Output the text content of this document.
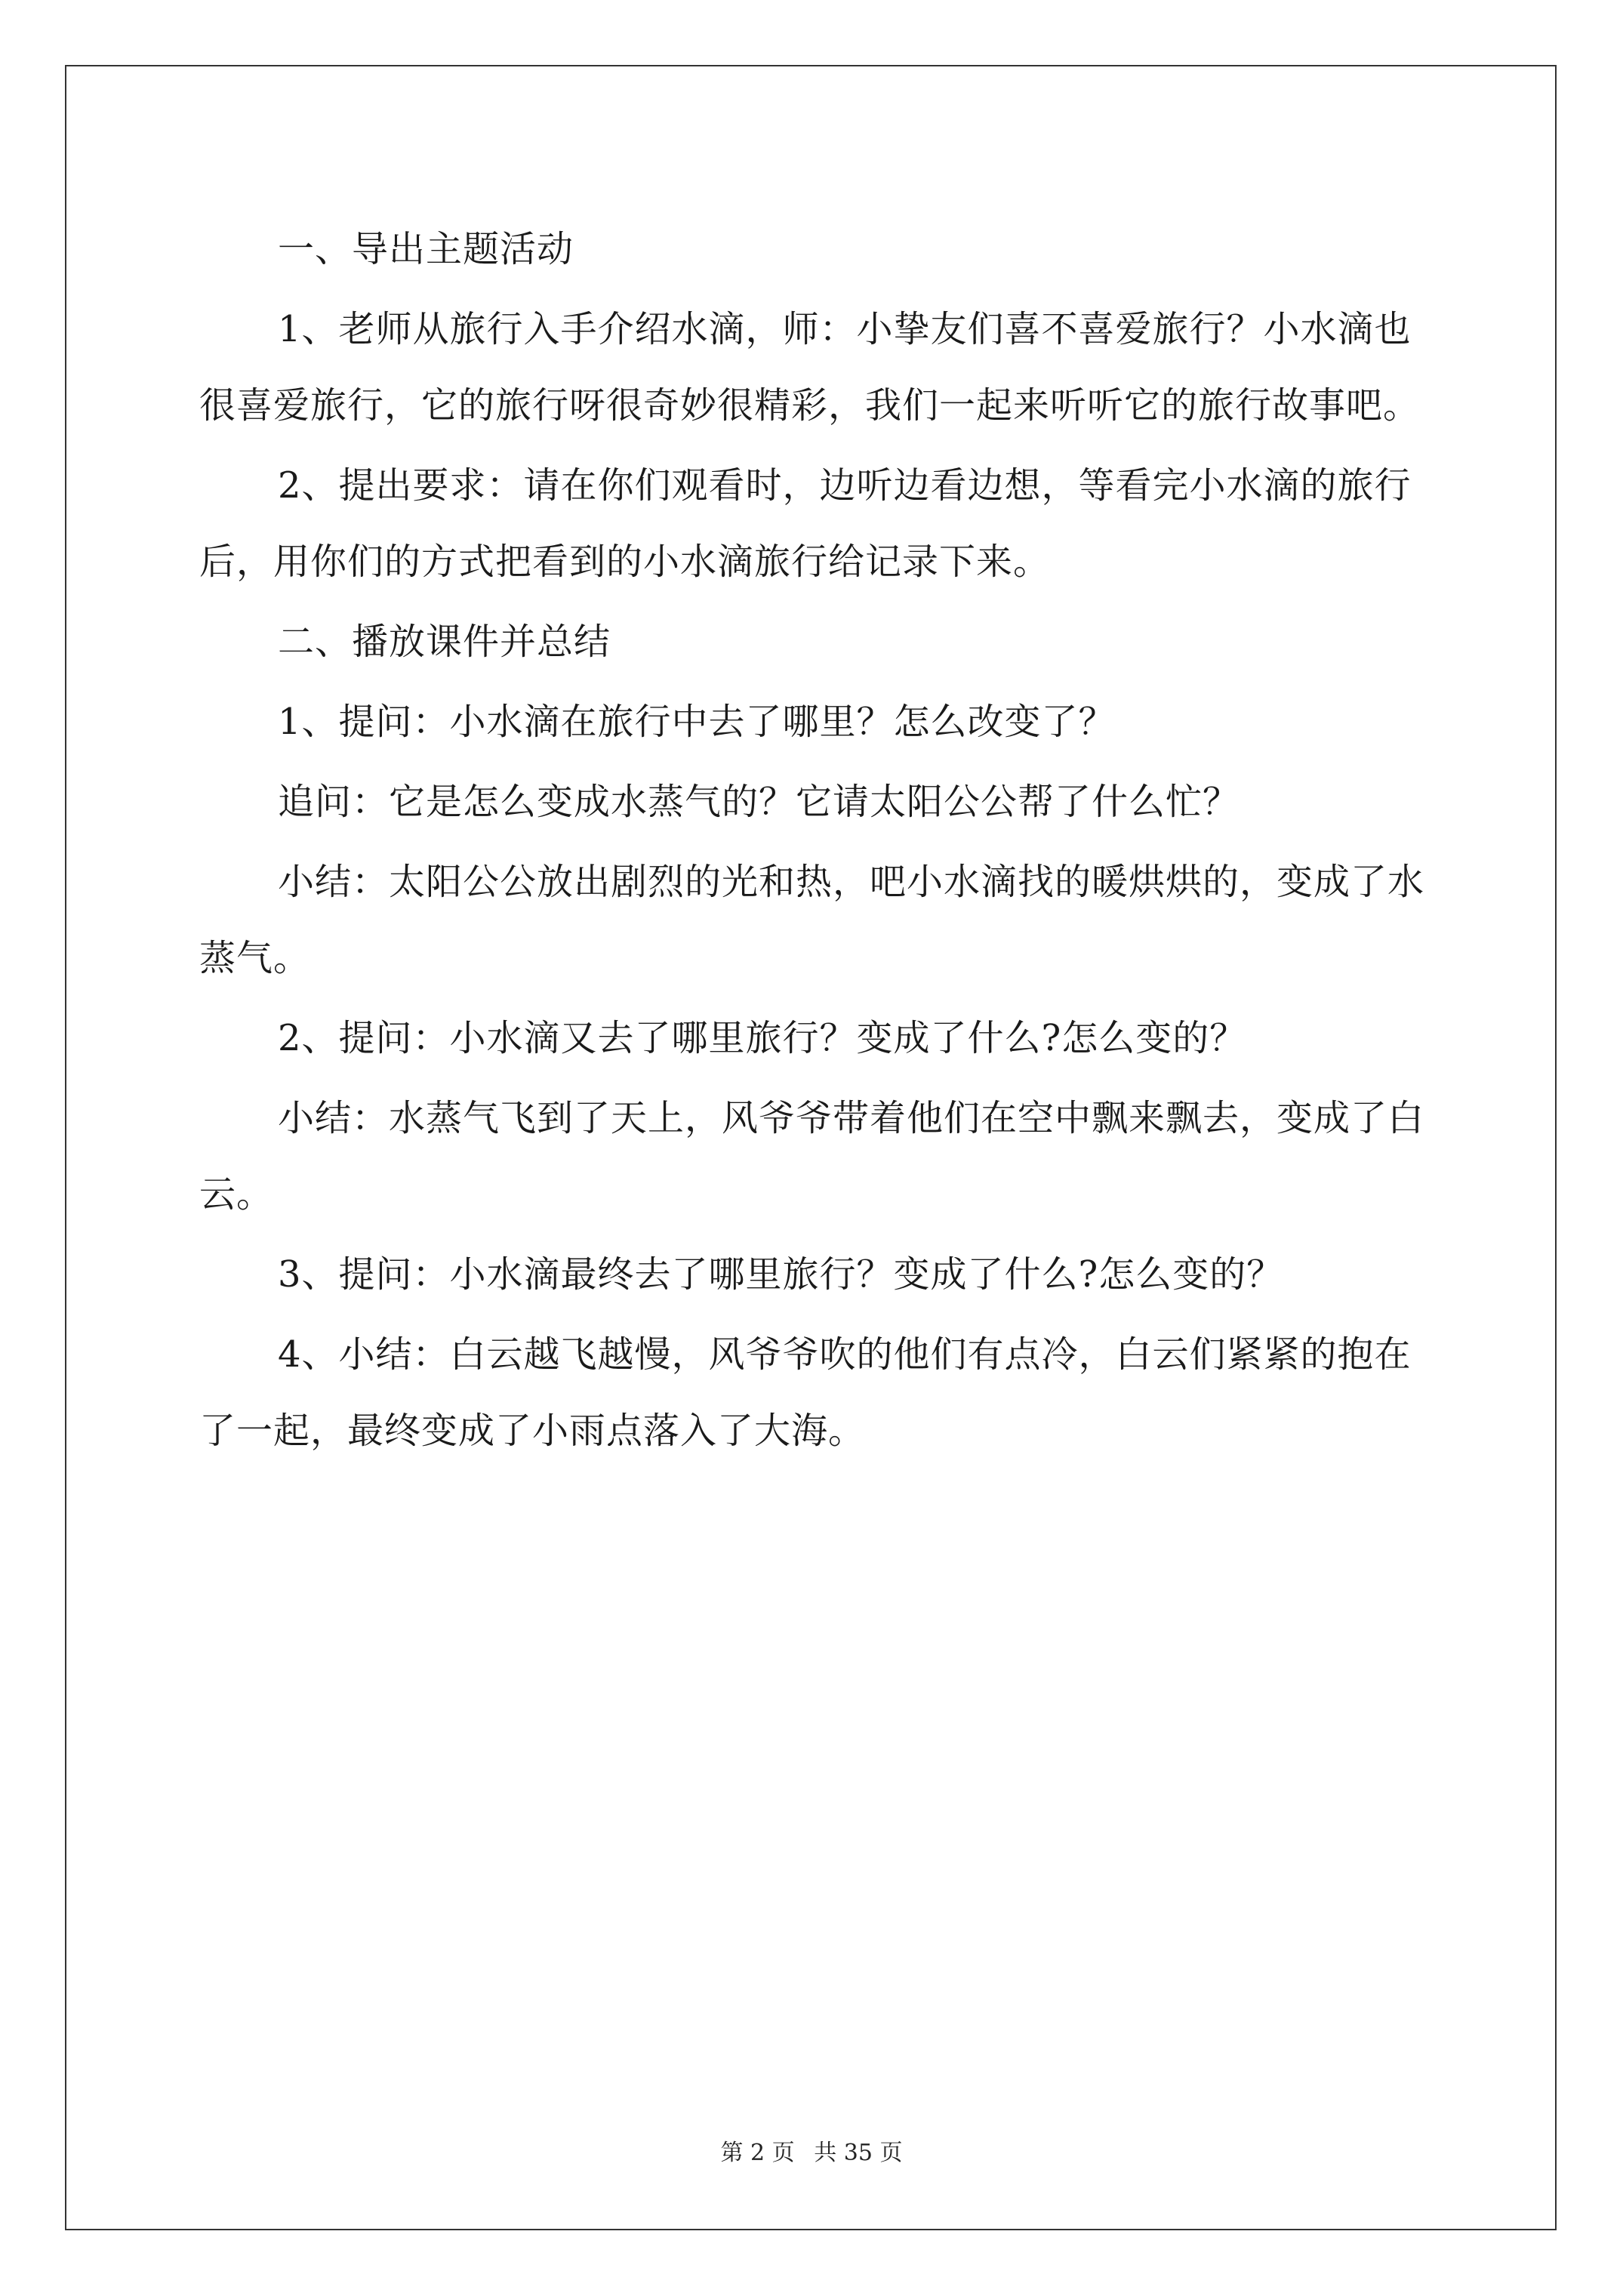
一、导出主题活动

1、老师从旅行入手介绍水滴，师：小挚友们喜不喜爱旅行？小水滴也很喜爱旅行，它的旅行呀很奇妙很精彩，我们一起来听听它的旅行故事吧。

2、提出要求：请在你们观看时，边听边看边想，等看完小水滴的旅行后，用你们的方式把看到的小水滴旅行给记录下来。

二、播放课件并总结

1、提问：小水滴在旅行中去了哪里？怎么改变了？

追问：它是怎么变成水蒸气的？它请太阳公公帮了什么忙？

小结：太阳公公放出剧烈的光和热，吧小水滴找的暖烘烘的，变成了水蒸气。

2、提问：小水滴又去了哪里旅行？变成了什么?怎么变的？

小结：水蒸气飞到了天上，风爷爷带着他们在空中飘来飘去，变成了白云。

3、提问：小水滴最终去了哪里旅行？变成了什么?怎么变的？

4、小结：白云越飞越慢，风爷爷吹的他们有点冷，白云们紧紧的抱在了一起，最终变成了小雨点落入了大海。

第 2 页 共 35 页
